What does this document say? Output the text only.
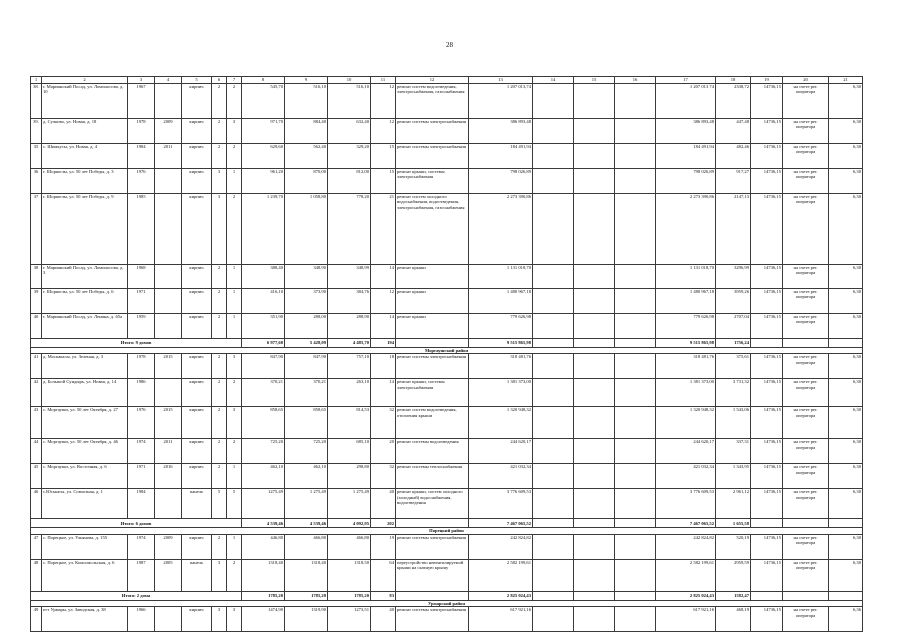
28
1	2	3	4	5	6	7	8	9	10	11	12	13	14	15	16	17	18	19	20	21
38.	г. Мариинский Посад, ул. Ломоносова, д. 10	1967		кирпич	2	2	545,70	516,10	516,10	12	ремонт систем водоотведения, электроснабжения, газоснабжения	1 207 013,74				1 207 013 74	2338,72	14736,15	на счете рег. оператора	6,30
39.	д. Сучково, ул. Новая, д. 18	1978	2009	кирпич	2	3	971,70	884,40	632,40	12	ремонт системы электроснабжения	386 893,48				386 893,48	447,48	14736,15	на счете рег. оператора	6,30
35	с. Шимкусы, ул. Новая, д. 4	1984	2011	кирпич	2	2	629,60	562,40	329,20	15	ремонт системы электроснабжения	184 491,94				184 491,94	482,46	14736,15	на счете рег. оператора	6,30
36	г. Шоршелы, ул. 50 лет Победы, д. 3	1976		кирпич	3	1	961,20	870,00	812,00	15	ремонт крыши, системы электроснабжения	798 026,89				798 026,89	917,27	14736,15	на счете рег. оператора	6,30
37	г. Шоршелы, ул. 50 лет Победы, д. 9	1985		кирпич	3	2	1 239,70	1 058,80	778,20	21	ремонт систем холодного водоснабжения, водоотведения, электроснабжения, газоснабжения	2 273 390,86				2 273 390,86	2147,13	14736,15	на счете рег. оператора	6,30
38	г. Мариинский Посад, ул. Ломоносова, д. 3	1968		кирпич	2	1	388,40	348,90	348,99	14	ремонт крыши	1 131 018,70				1 131 018,70	3296,99	14736,15	на счете рег. оператора	6,30
39	г. Шоршелы, ул. 50 лет Победы, д. 6	1971		кирпич	2	1	416,10	373,90	384,76	12	ремонт крыши	1 480 967,18				1 480 967,18	3959,26	14736,15	на счете рег. оператора	6,30
40	г. Мариинский Посад, ул. Ленина, д. 65а	1959		кирпич	2	1	351,90	288,00	288,90	14	ремонт крыши	779 626,98				779 626,98	2707,04	14736,15	на счете рег. оператора	6,30
Итого: 9 домов							6 977,60	5 428,09	4 485,70	194		9 515 865,98				9 515 865,98	1756,24			
Моргаушский район																				
41	д. Москакасы, ул. Зеленая, д. 3	1978	2015	кирпич	2	3	847,90	847,90	757,10	18	ремонт системы электроснабжения	318 481,76				318 481,76	375,61	14736,15	на счете рег. оператора	6,30
42	д. Большой Сундырь, ул. Новая, д. 14	1986		кирпич	2	2	370,21	370,21	263,10	14	ремонт крыши, системы электроснабжения	1 381 373,00				1 381 373,00	3 731,32	14736,15	на счете рег. оператора	6,30
43	с. Моргауши, ул. 50 лет Октября, д. 27	1976	2015	кирпич	2	3	858,65	858,65	814,53	32	ремонт систем водоотведения, отопления крыши	1 320 948,32				1 320 948,32	1 543,06	14736,15	на счете рег. оператора	6,30
44	с. Моргауши, ул. 50 лет Октября, д. 46	1974	2011	кирпич	2	2	725,20	725,20	685,10	20	ремонт системы водоотведения	244 620,17				244 620,17	337,31	14736,15	на счете рег. оператора	6,30
45	с. Моргауши, ул. Восточная, д. 6	1971	2016	кирпич	2	1	462,10	462,10	298,80	32	ремонт системы теплоснабжения	421 032,34				421 032,34	1 343,95	14736,15	на счете рег. оператора	6,30
46	с.Юськасы, ул. Совхозная, д. 1	1984		панель	5	5	1275,49	1 275,49	1 275,49	40	ремонт крыши, систем холодного (холодный) водоснабжения, водоотведения	3 776 609,53				3 776 609,53	2 961,12	14736,15	на счете рег. оператора	6,30
Итого: 6 домов							4 539,46	4 539,46	4 092,95	202		7 467 065,52				7 467 065,52	1 655,58			
Порецкий район																				
47	с. Порецкое, ул. Ульянова, д. 155	1974	2009	кирпич	2	1	446,80	466,80	466,80	19	ремонт системы электроснабжения	242 824,82				242 824,82	520,19	14736,15	на счете рег. оператора	6,30
48	с. Порецкое, ул. Комсомольская, д. 6	1987	2005	панель	3	2	1318,40	1318,40	1318,50	64	переустройство невентилируемой крыши на скатную крышу	2 582 199,61				2 582 199,61	2959,59	14736,15	на счете рег. оператора	6,30
Итого: 2 дома							1785,20	1785,20	1785,20	83		2 825 024,43				2 825 024,43	1582,47			
Урмарский район																				
49	пгт Урмары, ул. Заводская, д. 38	1966		кирпич	3	3	1474,90	1319,90	1273,51	40	ремонт системы электроснабжения	617 921,16				617 921,16	468,19	14736,15	на счете рег. оператора	6,36
